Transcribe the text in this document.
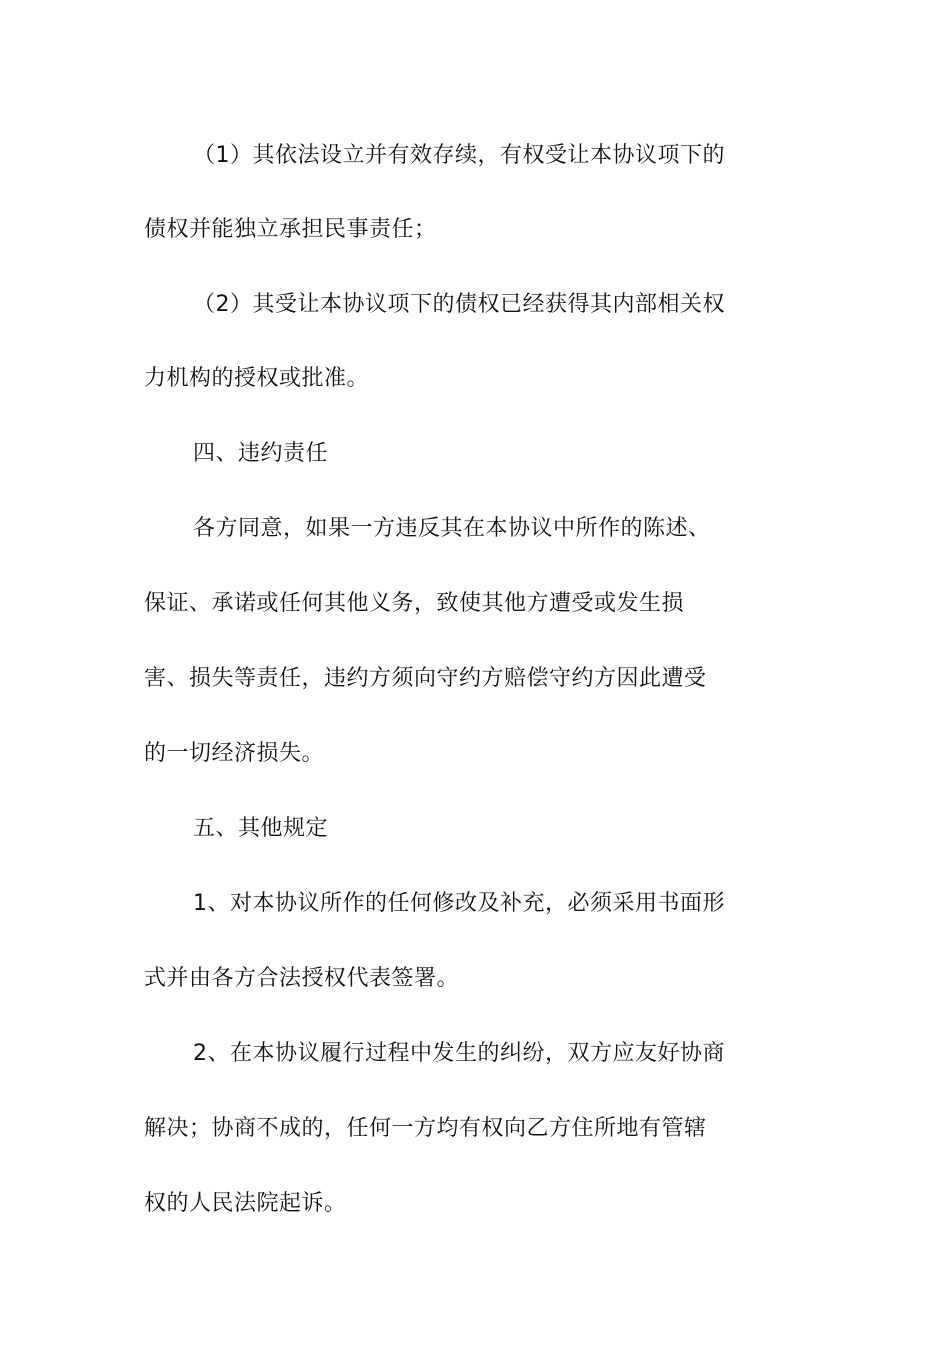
（1）其依法设立并有效存续，有权受让本协议项下的
债权并能独立承担民事责任；
（2）其受让本协议项下的债权已经获得其内部相关权
力机构的授权或批准。
四、违约责任
各方同意，如果一方违反其在本协议中所作的陈述、
保证、承诺或任何其他义务，致使其他方遭受或发生损
害、损失等责任，违约方须向守约方赔偿守约方因此遭受
的一切经济损失。
五、其他规定
1、对本协议所作的任何修改及补充，必须采用书面形
式并由各方合法授权代表签署。
2、在本协议履行过程中发生的纠纷，双方应友好协商
解决；协商不成的，任何一方均有权向乙方住所地有管辖
权的人民法院起诉。
